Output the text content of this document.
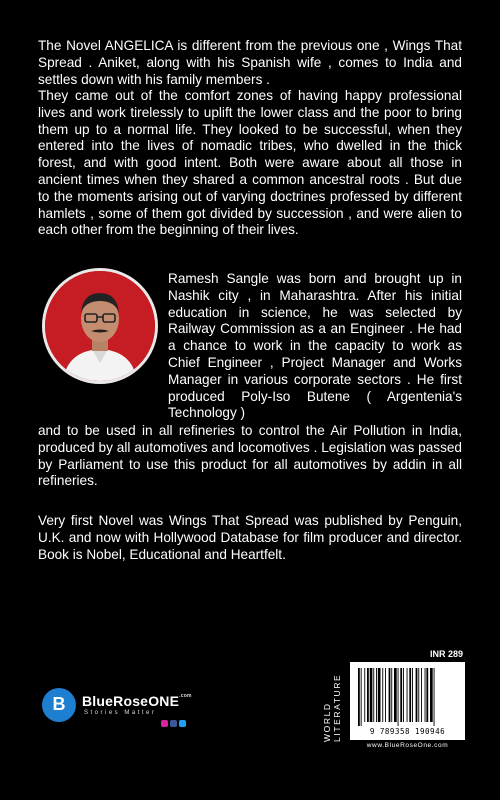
The Novel ANGELICA is different from the previous one , Wings That Spread . Aniket, along with his Spanish wife , comes to India and settles down with his family members .
They came out of the comfort zones of having happy professional lives and work tirelessly to uplift the lower class and the poor to bring them up to a normal life. They looked to be successful, when they entered into the lives of nomadic tribes, who dwelled in the thick forest, and with good intent. Both were aware about all those in ancient times when they shared a common ancestral roots . But due to the moments arising out of varying doctrines professed by different hamlets , some of them got divided by succession , and were alien to each other from the beginning of their lives.
Ramesh Sangle was born and brought up in Nashik city , in Maharashtra. After his initial education in science, he was selected by Railway Commission as a an Engineer . He had a chance to work in the capacity to work as Chief Engineer , Project Manager and Works Manager in various corporate sectors . He first produced Poly-Iso Butene ( Argentenia's Technology )
and to be used in all refineries to control the Air Pollution in India, produced by all automotives and locomotives . Legislation was passed by Parliament to use this product for all automotives by addin in all refineries.
Very first Novel was Wings That Spread was published by Penguin, U.K. and now with Hollywood Database for film producer and director. Book is Nobel, Educational and Heartfelt.
B	BlueRoseONE$^{.com}$
Stories Matter
INR 289
WORLD LITERATURE	9 789358 190946
www.BlueRoseOne.com
